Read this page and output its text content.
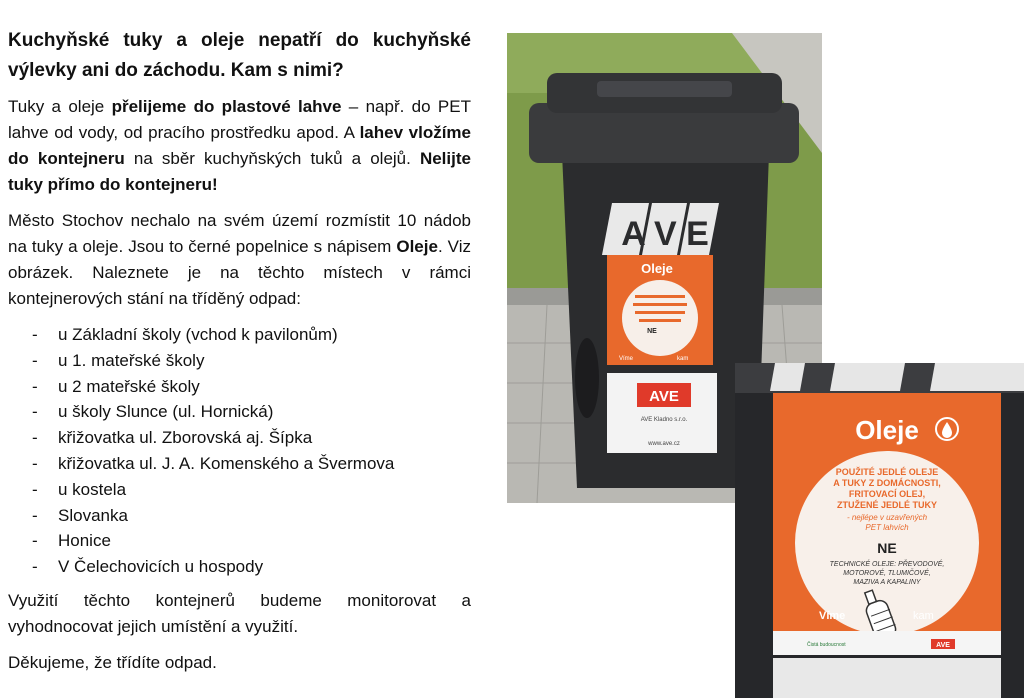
Kuchyňské tuky a oleje nepatří do kuchyňské výlevky ani do záchodu. Kam s nimi?

Tuky a oleje přelijeme do plastové lahve – např. do PET lahve od vody, od pracího prostředku apod. A lahev vložíme do kontejneru na sběr kuchyňských tuků a olejů. Nelijte tuky přímo do kontejneru!

Město Stochov nechalo na svém území rozmístit 10 nádob na tuky a oleje. Jsou to černé popelnice s nápisem Oleje. Viz obrázek. Naleznete je na těchto místech v rámci kontejnerových stání na tříděný odpad:

- u Základní školy (vchod k pavilonům)
- u 1. mateřské školy
- u 2 mateřské školy
- u školy Slunce (ul. Hornická)
- křižovatka ul. Zborovská aj. Šípka
- křižovatka ul. J. A. Komenského a Švermova
- u kostela
- Slovanka
- Honice
- V Čelechovicích u hospody

Využití těchto kontejnerů budeme monitorovat a vyhodnocovat jejich umístění a využití.

Děkujeme, že třídíte odpad.

A V E
Oleje
NE
Víme	kam
AVE
AVE Kladno s.r.o.
www.ave.cz	Oleje
POUŽITÉ JEDLÉ OLEJE
A TUKY Z DOMÁCNOSTI,
FRITOVACÍ OLEJ,
ZTUŽENÉ JEDLÉ TUKY
- nejlépe v uzavřených
PET lahvích
NE
TECHNICKÉ OLEJE: PŘEVODOVÉ,
MOTOROVÉ, TLUMIČOVÉ,
MAZIVA A KAPALINY
Víme	kam
Čistá budoucnost	AVE
